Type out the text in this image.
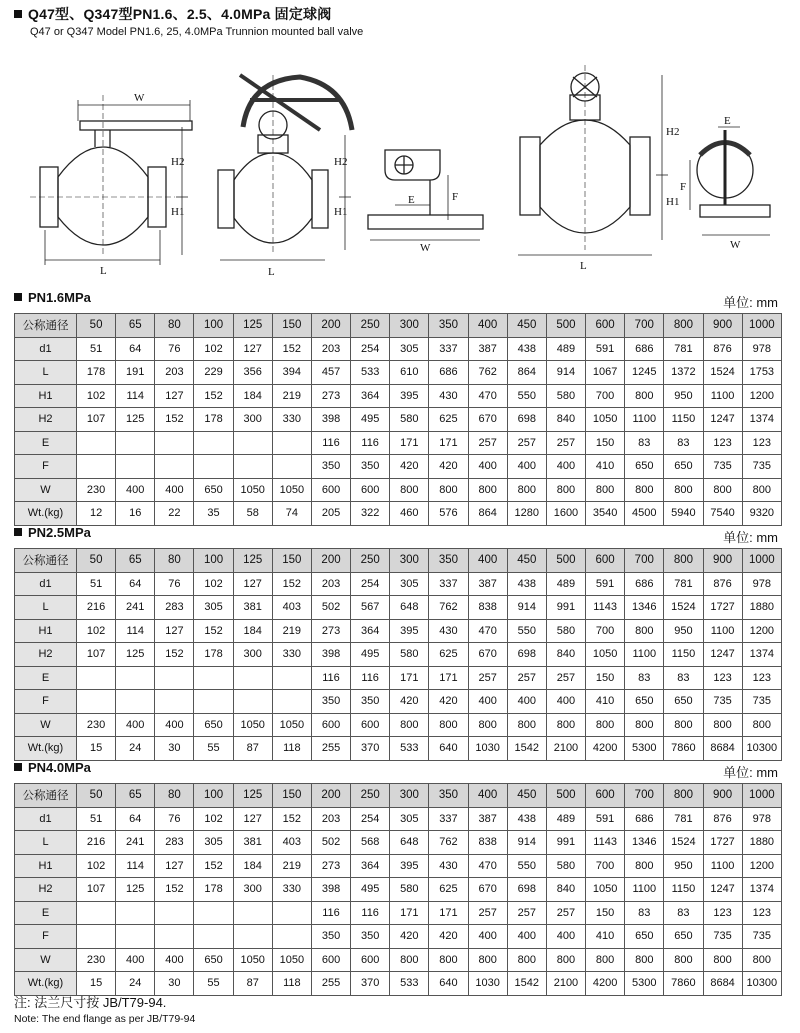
Q47型、Q347型PN1.6、2.5、4.0MPa 固定球阀
Q47 or Q347 Model PN1.6, 25, 4.0MPa Trunnion mounted ball valve
W
L
H2
H1
L
H2
H1
E	F
W
L
H2
H1
E
F
W
PN1.6MPa	单位: mm
公称通径	50	65	80	100	125	150	200	250	300	350	400	450	500	600	700	800	900	1000
d1	51	64	76	102	127	152	203	254	305	337	387	438	489	591	686	781	876	978
L	178	191	203	229	356	394	457	533	610	686	762	864	914	1067	1245	1372	1524	1753
H1	102	114	127	152	184	219	273	364	395	430	470	550	580	700	800	950	1100	1200
H2	107	125	152	178	300	330	398	495	580	625	670	698	840	1050	1100	1150	1247	1374
E							116	116	171	171	257	257	257	150	83	83	123	123
F							350	350	420	420	400	400	400	410	650	650	735	735
W	230	400	400	650	1050	1050	600	600	800	800	800	800	800	800	800	800	800	800
Wt.(kg)	12	16	22	35	58	74	205	322	460	576	864	1280	1600	3540	4500	5940	7540	9320
PN2.5MPa	单位: mm
公称通径	50	65	80	100	125	150	200	250	300	350	400	450	500	600	700	800	900	1000
d1	51	64	76	102	127	152	203	254	305	337	387	438	489	591	686	781	876	978
L	216	241	283	305	381	403	502	567	648	762	838	914	991	1143	1346	1524	1727	1880
H1	102	114	127	152	184	219	273	364	395	430	470	550	580	700	800	950	1100	1200
H2	107	125	152	178	300	330	398	495	580	625	670	698	840	1050	1100	1150	1247	1374
E							116	116	171	171	257	257	257	150	83	83	123	123
F							350	350	420	420	400	400	400	410	650	650	735	735
W	230	400	400	650	1050	1050	600	600	800	800	800	800	800	800	800	800	800	800
Wt.(kg)	15	24	30	55	87	118	255	370	533	640	1030	1542	2100	4200	5300	7860	8684	10300
PN4.0MPa	单位: mm
公称通径	50	65	80	100	125	150	200	250	300	350	400	450	500	600	700	800	900	1000
d1	51	64	76	102	127	152	203	254	305	337	387	438	489	591	686	781	876	978
L	216	241	283	305	381	403	502	568	648	762	838	914	991	1143	1346	1524	1727	1880
H1	102	114	127	152	184	219	273	364	395	430	470	550	580	700	800	950	1100	1200
H2	107	125	152	178	300	330	398	495	580	625	670	698	840	1050	1100	1150	1247	1374
E							116	116	171	171	257	257	257	150	83	83	123	123
F							350	350	420	420	400	400	400	410	650	650	735	735
W	230	400	400	650	1050	1050	600	600	800	800	800	800	800	800	800	800	800	800
Wt.(kg)	15	24	30	55	87	118	255	370	533	640	1030	1542	2100	4200	5300	7860	8684	10300
注: 法兰尺寸按 JB/T79-94.
Note: The end flange as per JB/T79-94
